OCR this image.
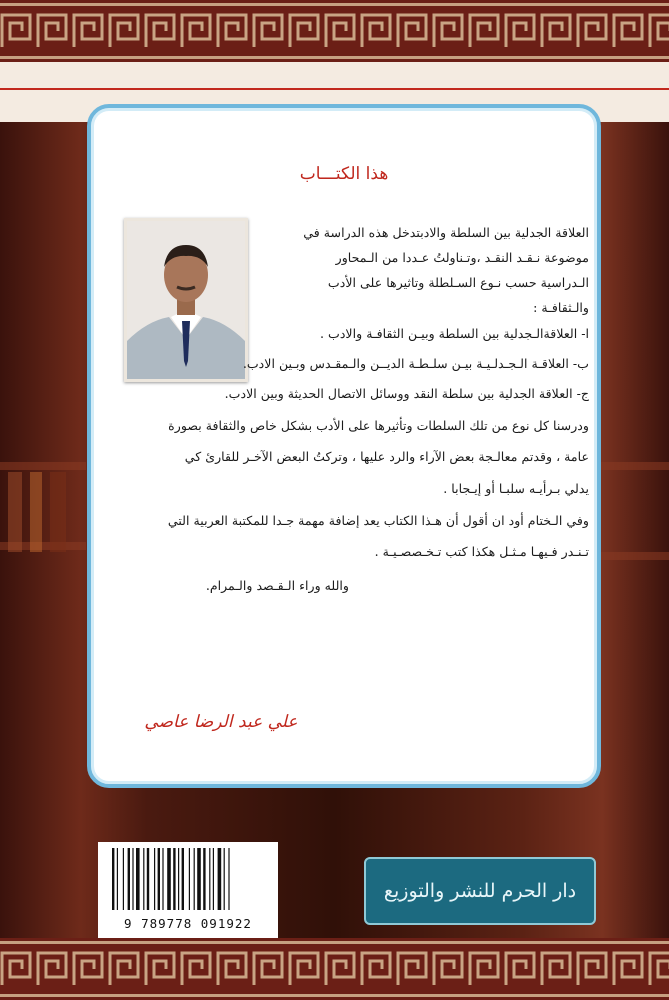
هذا الكتـــاب
العلاقة الجدلية بين السلطة والادبتدخل هذه الدراسة في
موضوعة نـقـد النقـد ،وتـناولتُ عـددا من الـمحاور
الـدراسية حسب نـوع السـلطلة وتاثيرها على الأدب
والـثقافـة :
ا- العلاقةالـجدلية بين السلطة وبيـن الثقافـة والادب .
ب- العلاقـة الـجـدلـيـة بيـن سلـطـة الديــن والـمقـدس وبـين الادب.
ج- العلاقة الجدلية بين سلطة النقد ووسائل الاتصال الحديثة وبين الادب.
ودرسنا كل نوع من تلك السلطات وتأثيرها على الأدب بشكل خاص والثقافة بصورة
عامة ، وقدتم معالـجة بعض الآراء والرد عليها ، وتركتُ البعض الآخـر للقارئ كي
يدلي بـرأيـه سلبـا أو إيـجابا .
وفي الـختام أود ان أقول أن هـذا الكتاب يعد إضافة مهمة جـدا للمكتبة العربية التي
تـنـدر فـيهـا مـثـل هكذا كتب تـخـصصـيـة .
والله وراء الـقـصد والـمرام.
علي عبد الرضا عاصي
9 789778 091922
دار الحرم للنشر والتوزيع
